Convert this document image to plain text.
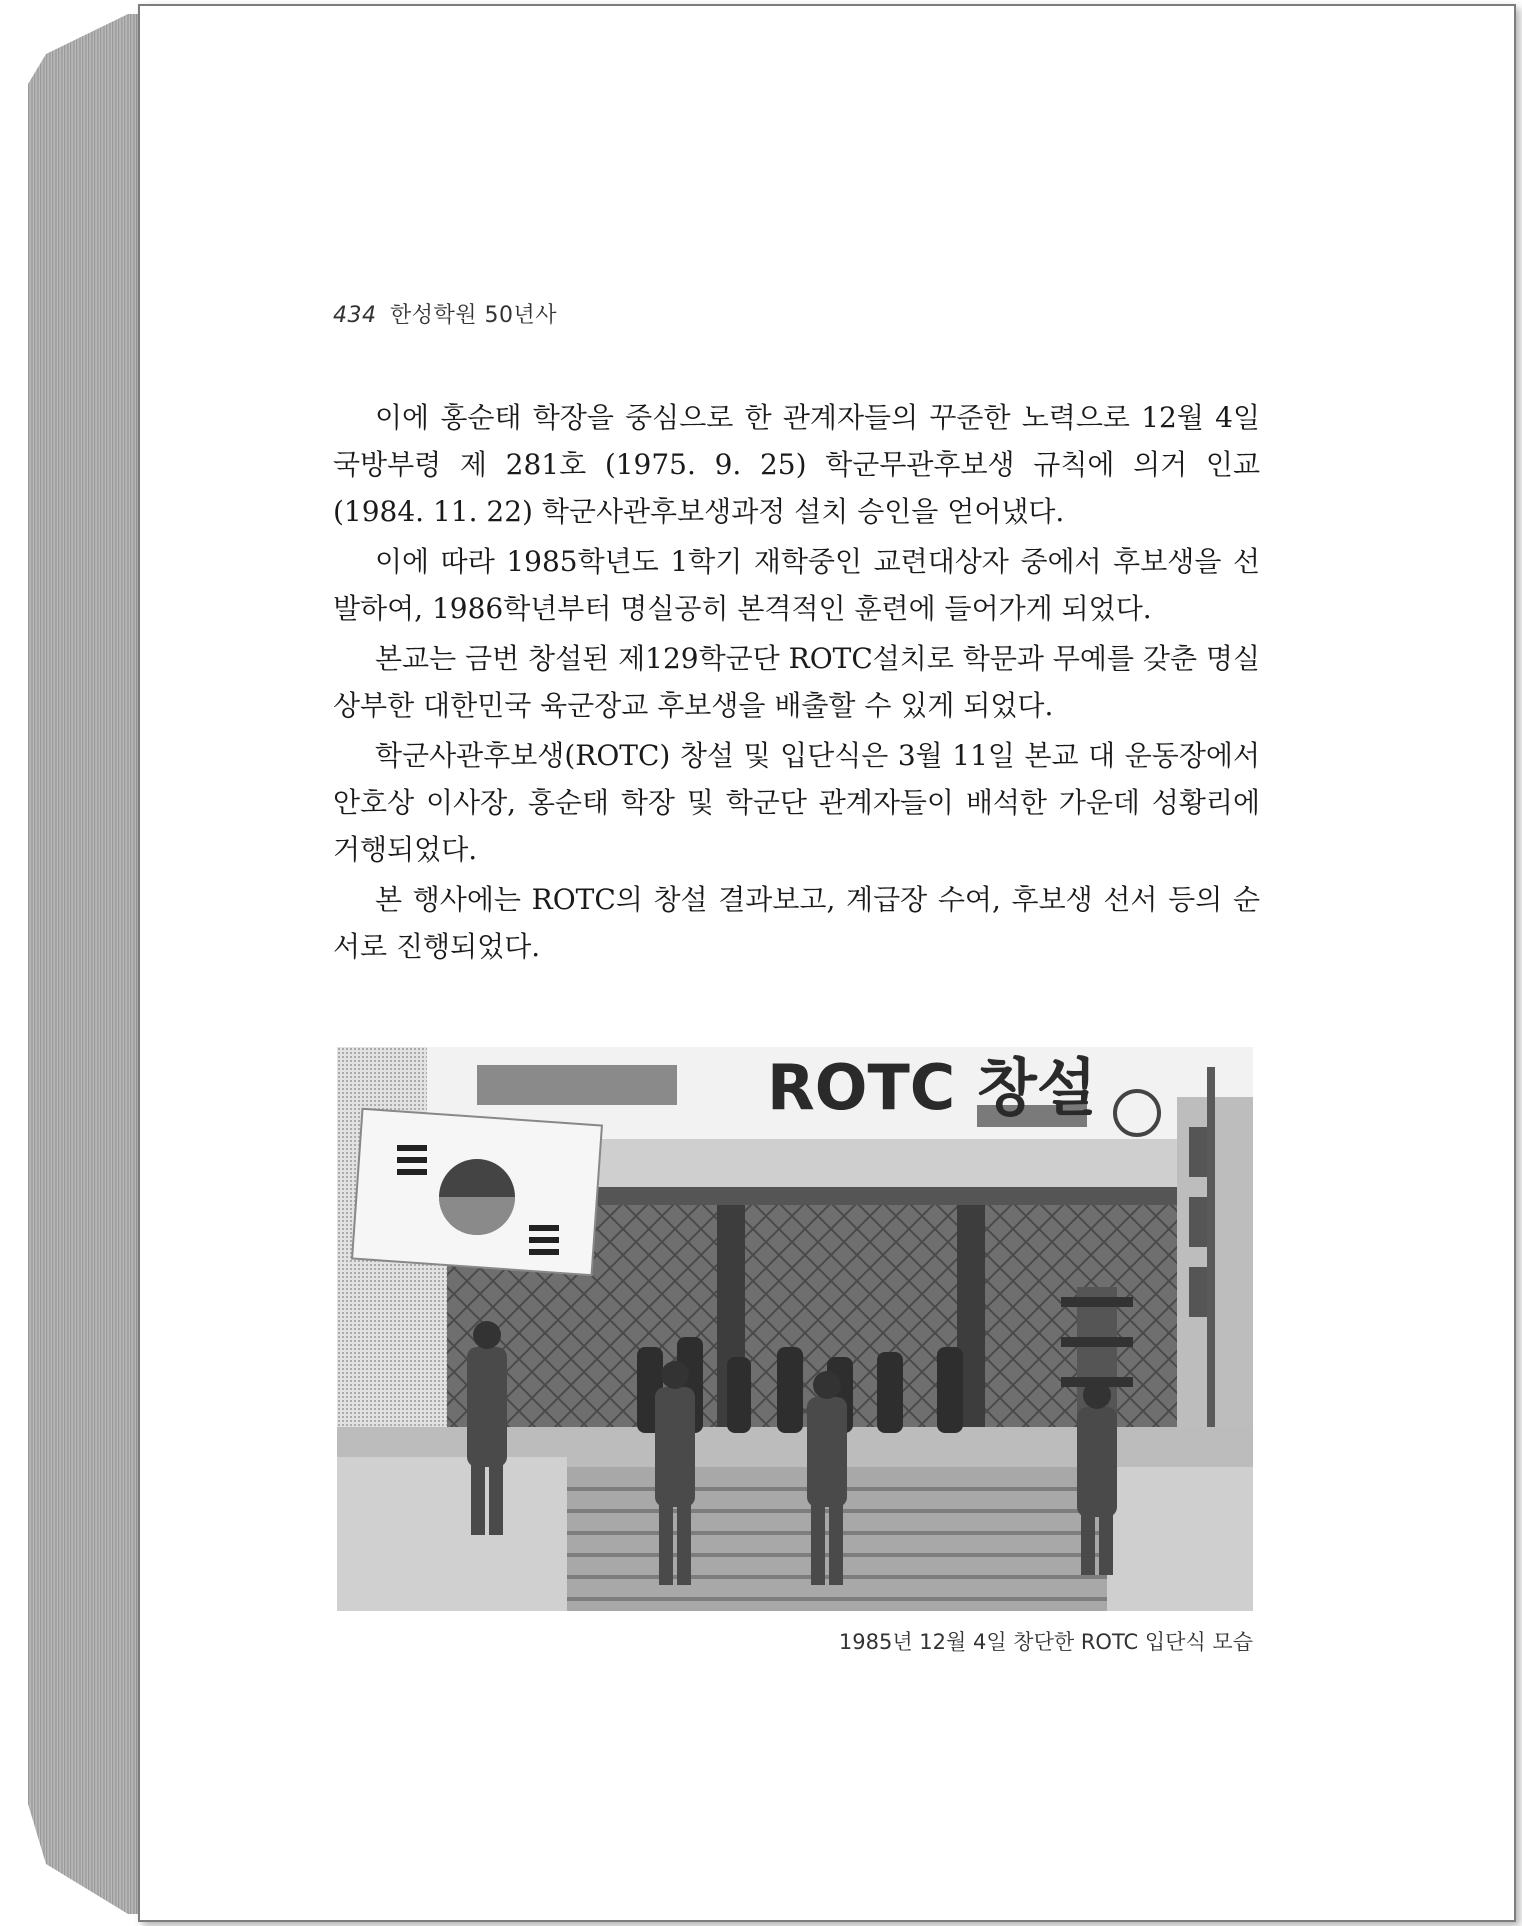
434 한성학원 50년사

이에 홍순태 학장을 중심으로 한 관계자들의 꾸준한 노력으로 12월 4일 국방부령 제 281호 (1975. 9. 25) 학군무관후보생 규칙에 의거 인교(1984. 11. 22) 학군사관후보생과정 설치 승인을 얻어냈다.

이에 따라 1985학년도 1학기 재학중인 교련대상자 중에서 후보생을 선발하여, 1986학년부터 명실공히 본격적인 훈련에 들어가게 되었다.

본교는 금번 창설된 제129학군단 ROTC설치로 학문과 무예를 갖춘 명실상부한 대한민국 육군장교 후보생을 배출할 수 있게 되었다.

학군사관후보생(ROTC) 창설 및 입단식은 3월 11일 본교 대 운동장에서 안호상 이사장, 홍순태 학장 및 학군단 관계자들이 배석한 가운데 성황리에 거행되었다.

본 행사에는 ROTC의 창설 결과보고, 계급장 수여, 후보생 선서 등의 순서로 진행되었다.

ROTC 창설
1985년 12월 4일 창단한 ROTC 입단식 모습
